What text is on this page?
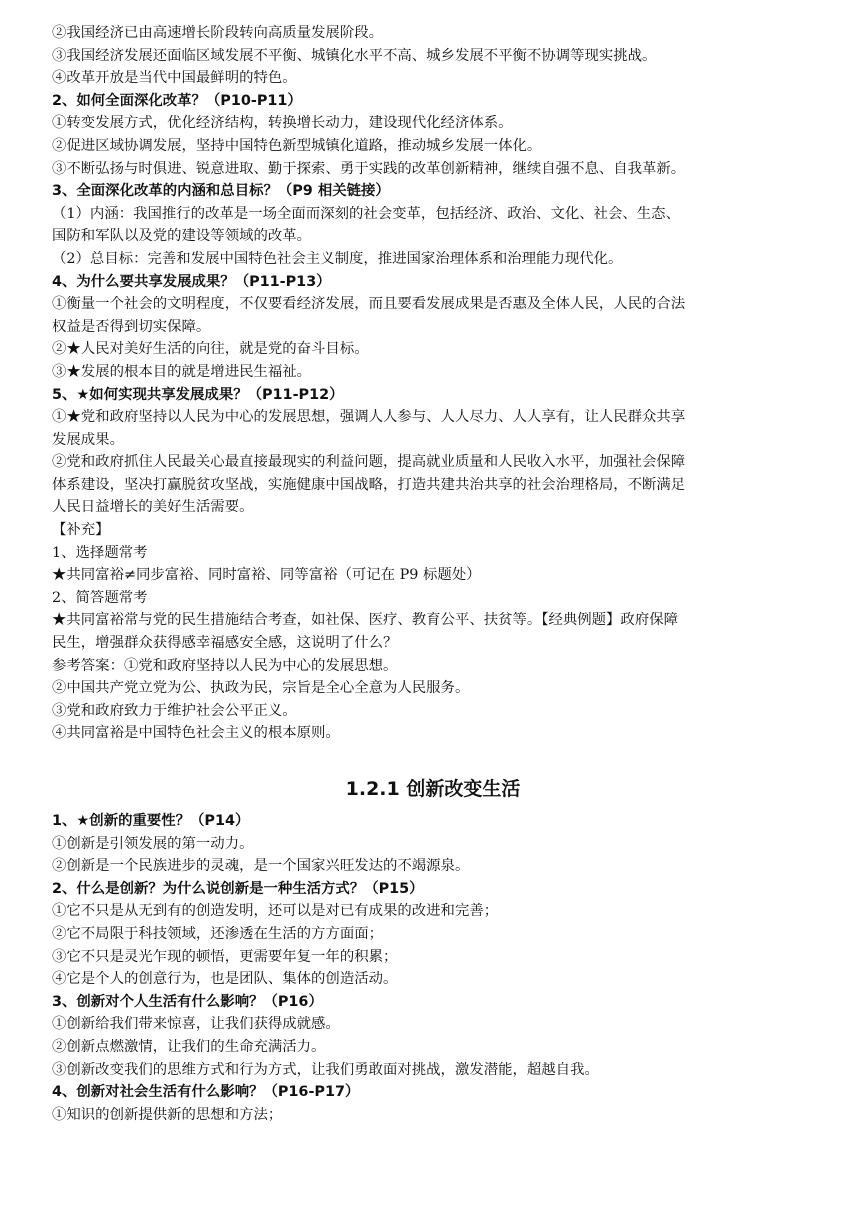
②我国经济已由高速增长阶段转向高质量发展阶段。
③我国经济发展还面临区域发展不平衡、城镇化水平不高、城乡发展不平衡不协调等现实挑战。
④改革开放是当代中国最鲜明的特色。
2、如何全面深化改革？（P10-P11）
①转变发展方式，优化经济结构，转换增长动力，建设现代化经济体系。
②促进区域协调发展，坚持中国特色新型城镇化道路，推动城乡发展一体化。
③不断弘扬与时俱进、锐意进取、勤于探索、勇于实践的改革创新精神，继续自强不息、自我革新。
3、全面深化改革的内涵和总目标？（P9 相关链接）
（1）内涵：我国推行的改革是一场全面而深刻的社会变革，包括经济、政治、文化、社会、生态、
国防和军队以及党的建设等领域的改革。
（2）总目标：完善和发展中国特色社会主义制度，推进国家治理体系和治理能力现代化。
4、为什么要共享发展成果？（P11-P13）
①衡量一个社会的文明程度，不仅要看经济发展，而且要看发展成果是否惠及全体人民，人民的合法
权益是否得到切实保障。
②★人民对美好生活的向往，就是党的奋斗目标。
③★发展的根本目的就是增进民生福祉。
5、★如何实现共享发展成果？（P11-P12）
①★党和政府坚持以人民为中心的发展思想，强调人人参与、人人尽力、人人享有，让人民群众共享
发展成果。
②党和政府抓住人民最关心最直接最现实的利益问题，提高就业质量和人民收入水平，加强社会保障
体系建设，坚决打赢脱贫攻坚战，实施健康中国战略，打造共建共治共享的社会治理格局，不断满足
人民日益增长的美好生活需要。
【补充】
1、选择题常考
★共同富裕≠同步富裕、同时富裕、同等富裕（可记在 P9 标题处）
2、简答题常考
★共同富裕常与党的民生措施结合考查，如社保、医疗、教育公平、扶贫等。【经典例题】政府保障
民生，增强群众获得感幸福感安全感，这说明了什么？
参考答案：①党和政府坚持以人民为中心的发展思想。
②中国共产党立党为公、执政为民，宗旨是全心全意为人民服务。
③党和政府致力于维护社会公平正义。
④共同富裕是中国特色社会主义的根本原则。
1.2.1 创新改变生活
1、★创新的重要性？（P14）
①创新是引领发展的第一动力。
②创新是一个民族进步的灵魂，是一个国家兴旺发达的不竭源泉。
2、什么是创新？为什么说创新是一种生活方式？（P15）
①它不只是从无到有的创造发明，还可以是对已有成果的改进和完善；
②它不局限于科技领域，还渗透在生活的方方面面；
③它不只是灵光乍现的顿悟，更需要年复一年的积累；
④它是个人的创意行为，也是团队、集体的创造活动。
3、创新对个人生活有什么影响？（P16）
①创新给我们带来惊喜，让我们获得成就感。
②创新点燃激情，让我们的生命充满活力。
③创新改变我们的思维方式和行为方式，让我们勇敢面对挑战，激发潜能，超越自我。
4、创新对社会生活有什么影响？（P16-P17）
①知识的创新提供新的思想和方法；
